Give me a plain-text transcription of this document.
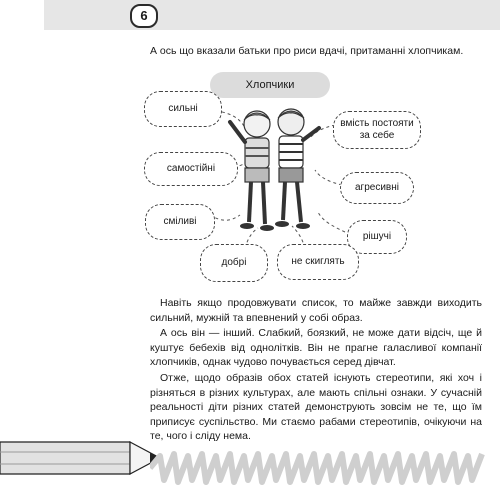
6
А ось що вказали батьки про риси вдачі, притаманні хлопчикам.
Хлопчики
сильні
вмість постояти за себе
самостійні
агресивні
сміливі
рішучі
добрі	не скиглять

Навіть якщо продовжувати список, то майже завжди виходить сильний, мужній та впевнений у собі образ.

А ось він — інший. Слабкий, боязкий, не може дати відсіч, ще й куштує бебехів від однолітків. Він не прагне галасливої компанії хлопчиків, однак чудово почувається серед дівчат.

Отже, щодо образів обох статей існують стереотипи, які хоч і різняться в різних культурах, але мають спільні ознаки. У сучасній реальності діти різних статей демонструють зовсім не те, що їм приписує суспільство. Ми стаємо рабами стереотипів, очікуючи на те, чого і сліду нема.
